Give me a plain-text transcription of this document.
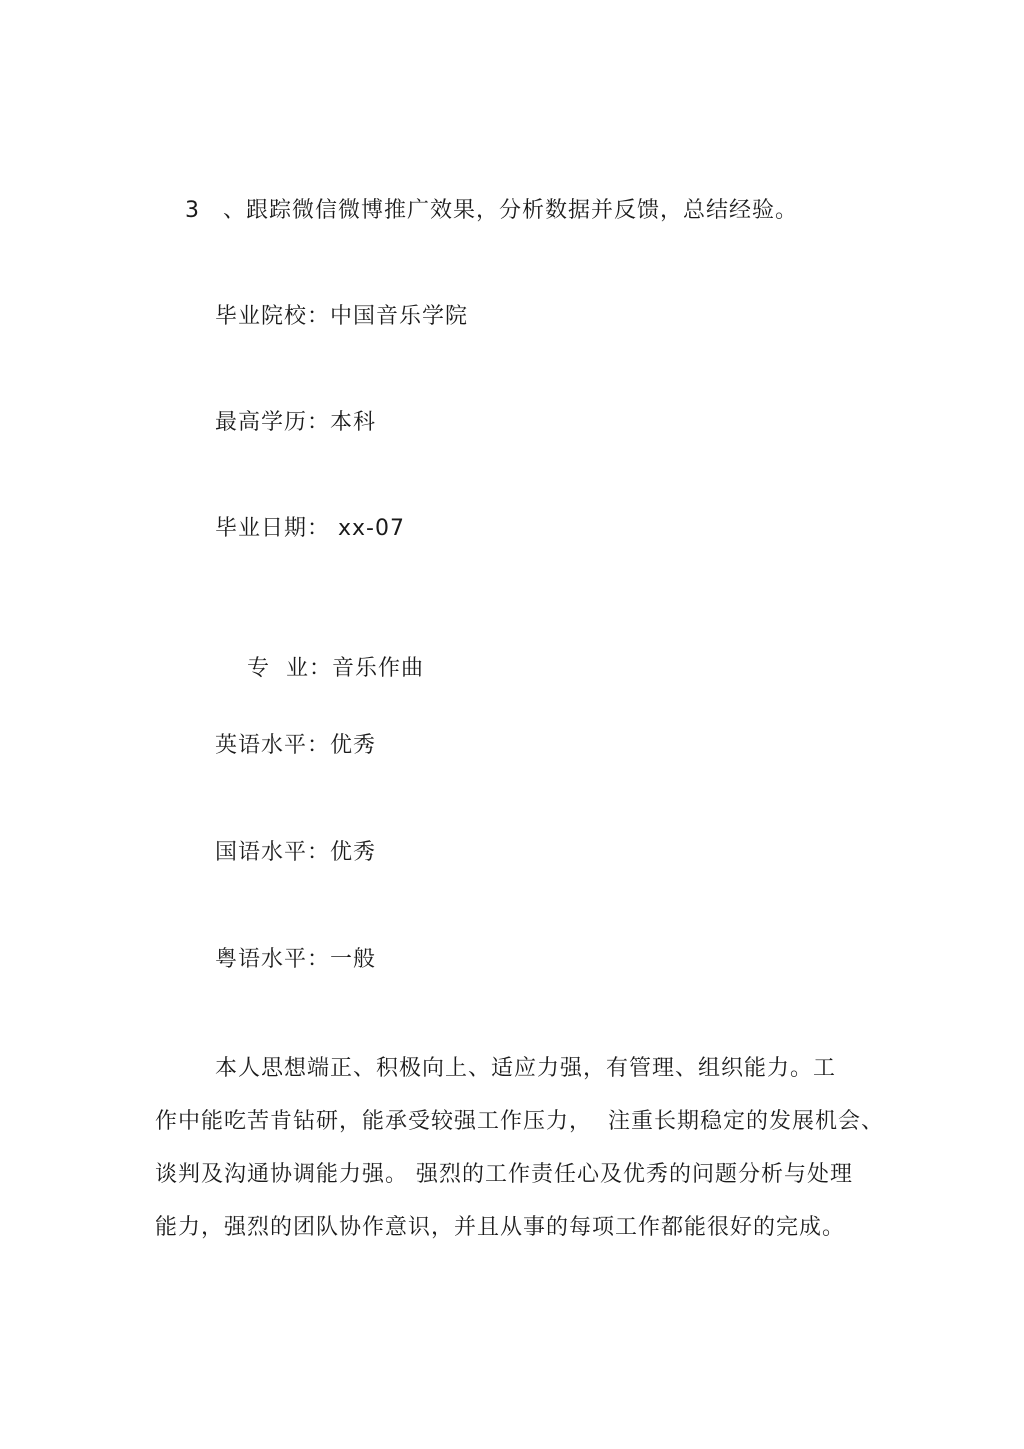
3 、跟踪微信微博推广效果，分析数据并反馈，总结经验。
毕业院校：中国音乐学院
最高学历：本科
毕业日期： xx-07

专  业：音乐作曲

英语水平：优秀
国语水平：优秀
粤语水平：一般
本人思想端正、积极向上、适应力强，有管理、组织能力。工
作中能吃苦肯钻研，能承受较强工作压力，  注重长期稳定的发展机会、
谈判及沟通协调能力强。 强烈的工作责任心及优秀的问题分析与处理
能力，强烈的团队协作意识，并且从事的每项工作都能很好的完成。
